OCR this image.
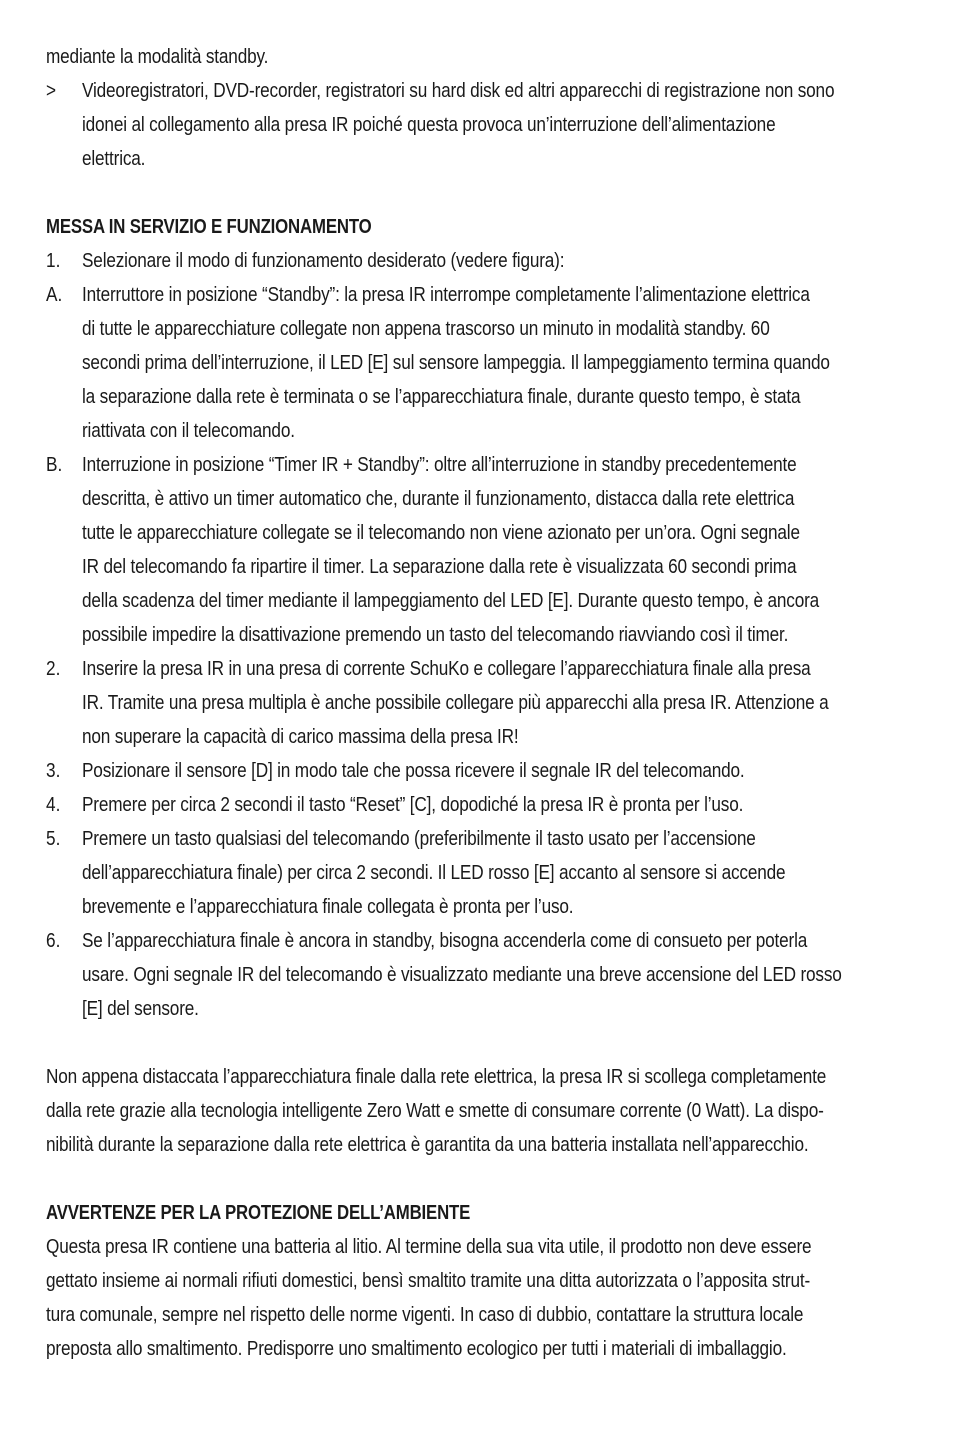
mediante la modalità standby.
> Videoregistratori, DVD-recorder, registratori su hard disk ed altri apparecchi di registrazione non sono
idonei al collegamento alla presa IR poiché questa provoca un’interruzione dell’alimentazione
elettrica.
MESSA IN SERVIZIO E FUNZIONAMENTO
1. Selezionare il modo di funzionamento desiderato (vedere figura):
A. Interruttore in posizione “Standby”: la presa IR interrompe completamente l’alimentazione elettrica
di tutte le apparecchiature collegate non appena trascorso un minuto in modalità standby. 60
secondi prima dell’interruzione, il LED [E] sul sensore lampeggia. Il lampeggiamento termina quando
la separazione dalla rete è terminata o se l’apparecchiatura finale, durante questo tempo, è stata
riattivata con il telecomando.
B. Interruzione in posizione “Timer IR + Standby”: oltre all’interruzione in standby precedentemente
descritta, è attivo un timer automatico che, durante il funzionamento, distacca dalla rete elettrica
tutte le apparecchiature collegate se il telecomando non viene azionato per un’ora. Ogni segnale
IR del telecomando fa ripartire il timer. La separazione dalla rete è visualizzata 60 secondi prima
della scadenza del timer mediante il lampeggiamento del LED [E]. Durante questo tempo, è ancora
possibile impedire la disattivazione premendo un tasto del telecomando riavviando così il timer.
2. Inserire la presa IR in una presa di corrente SchuKo e collegare l’apparecchiatura finale alla presa
IR. Tramite una presa multipla è anche possibile collegare più apparecchi alla presa IR. Attenzione a
non superare la capacità di carico massima della presa IR!
3. Posizionare il sensore [D] in modo tale che possa ricevere il segnale IR del telecomando.
4. Premere per circa 2 secondi il tasto “Reset” [C], dopodiché la presa IR è pronta per l’uso.
5. Premere un tasto qualsiasi del telecomando (preferibilmente il tasto usato per l’accensione
dell’apparecchiatura finale) per circa 2 secondi. Il LED rosso [E] accanto al sensore si accende
brevemente e l’apparecchiatura finale collegata è pronta per l’uso.
6. Se l’apparecchiatura finale è ancora in standby, bisogna accenderla come di consueto per poterla
usare. Ogni segnale IR del telecomando è visualizzato mediante una breve accensione del LED rosso
[E] del sensore.
Non appena distaccata l’apparecchiatura finale dalla rete elettrica, la presa IR si scollega completamente
dalla rete grazie alla tecnologia intelligente Zero Watt e smette di consumare corrente (0 Watt). La dispo-
nibilità durante la separazione dalla rete elettrica è garantita da una batteria installata nell’apparecchio.
AVVERTENZE PER LA PROTEZIONE DELL’AMBIENTE
Questa presa IR contiene una batteria al litio. Al termine della sua vita utile, il prodotto non deve essere
gettato insieme ai normali rifiuti domestici, bensì smaltito tramite una ditta autorizzata o l’apposita strut-
tura comunale, sempre nel rispetto delle norme vigenti. In caso di dubbio, contattare la struttura locale
preposta allo smaltimento. Predisporre uno smaltimento ecologico per tutti i materiali di imballaggio.
